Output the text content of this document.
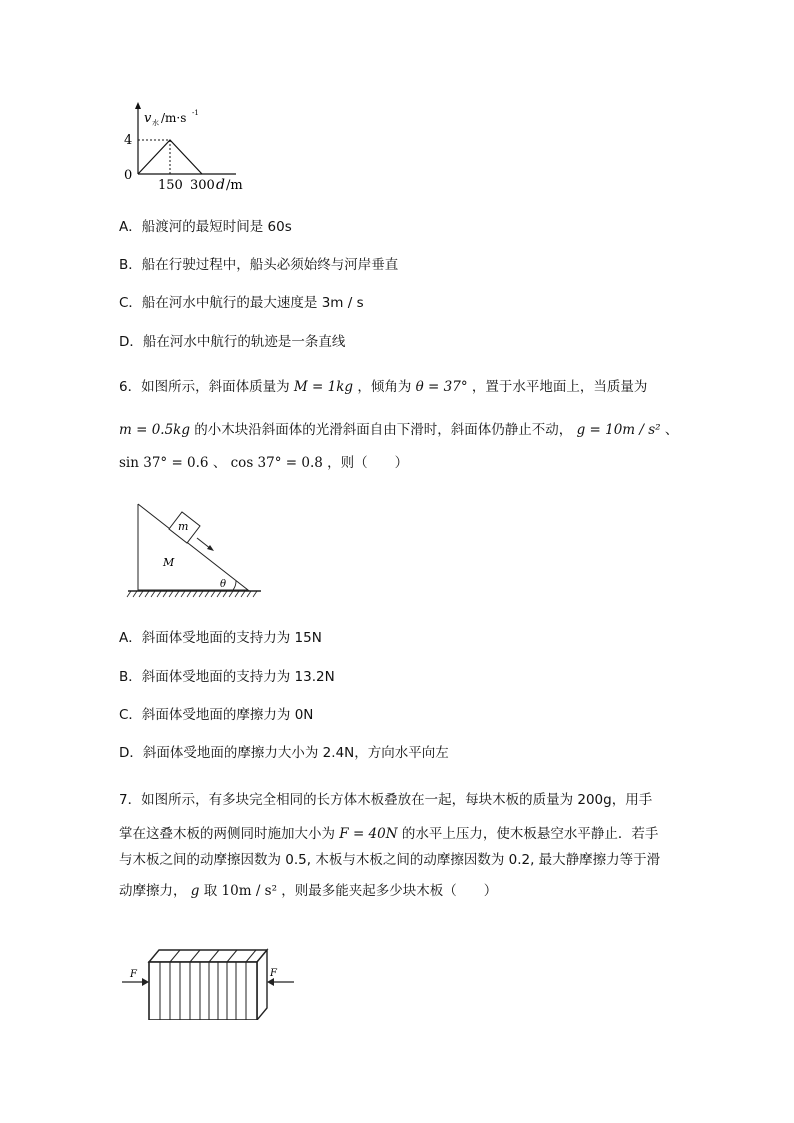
v 水 /m·s -1
4
0
150 300 d /m
A．船渡河的最短时间是 60s
B．船在行驶过程中，船头必须始终与河岸垂直
C．船在河水中航行的最大速度是 3m / s
D．船在河水中航行的轨迹是一条直线
6．如图所示，斜面体质量为 M = 1kg ，倾角为 θ = 37° ，置于水平地面上，当质量为
m = 0.5kg 的小木块沿斜面体的光滑斜面自由下滑时，斜面体仍静止不动， g = 10m / s² 、
sin 37° = 0.6 、 cos 37° = 0.8 ，则（　　）
m
M
θ
A．斜面体受地面的支持力为 15N
B．斜面体受地面的支持力为 13.2N
C．斜面体受地面的摩擦力为 0N
D．斜面体受地面的摩擦力大小为 2.4N，方向水平向左
7．如图所示，有多块完全相同的长方体木板叠放在一起，每块木板的质量为 200g，用手
掌在这叠木板的两侧同时施加大小为 F = 40N 的水平上压力，使木板悬空水平静止．若手
与木板之间的动摩擦因数为 0.5, 木板与木板之间的动摩擦因数为 0.2, 最大静摩擦力等于滑
动摩擦力， g 取 10m / s² ，则最多能夹起多少块木板（　　）
F	F
